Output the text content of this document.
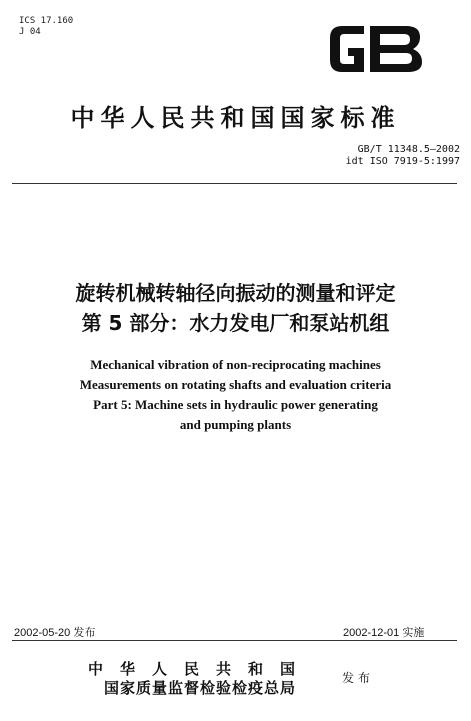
ICS 17.160
J 04
中华人民共和国国家标准
GB/T 11348.5—2002
idt ISO 7919-5:1997
旋转机械转轴径向振动的测量和评定
第 5 部分：水力发电厂和泵站机组
Mechanical vibration of non-reciprocating machines
Measurements on rotating shafts and evaluation criteria
Part 5: Machine sets in hydraulic power generating
and pumping plants
2002-05-20 发布	2002-12-01 实施
中华人民共和国
国家质量监督检验检疫总局
发布
